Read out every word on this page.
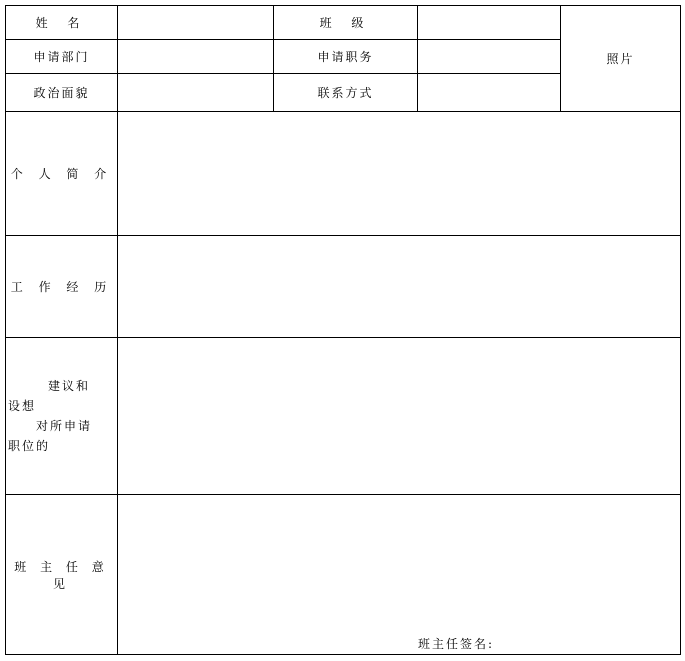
姓 名		班 级		照片
申请部门		申请职务		
政治面貌		联系方式		
个 人 简 介				
工 作 经 历				

建议和
设想
对所申请
职位的				

班 主 任 意 见	班主任签名:			
